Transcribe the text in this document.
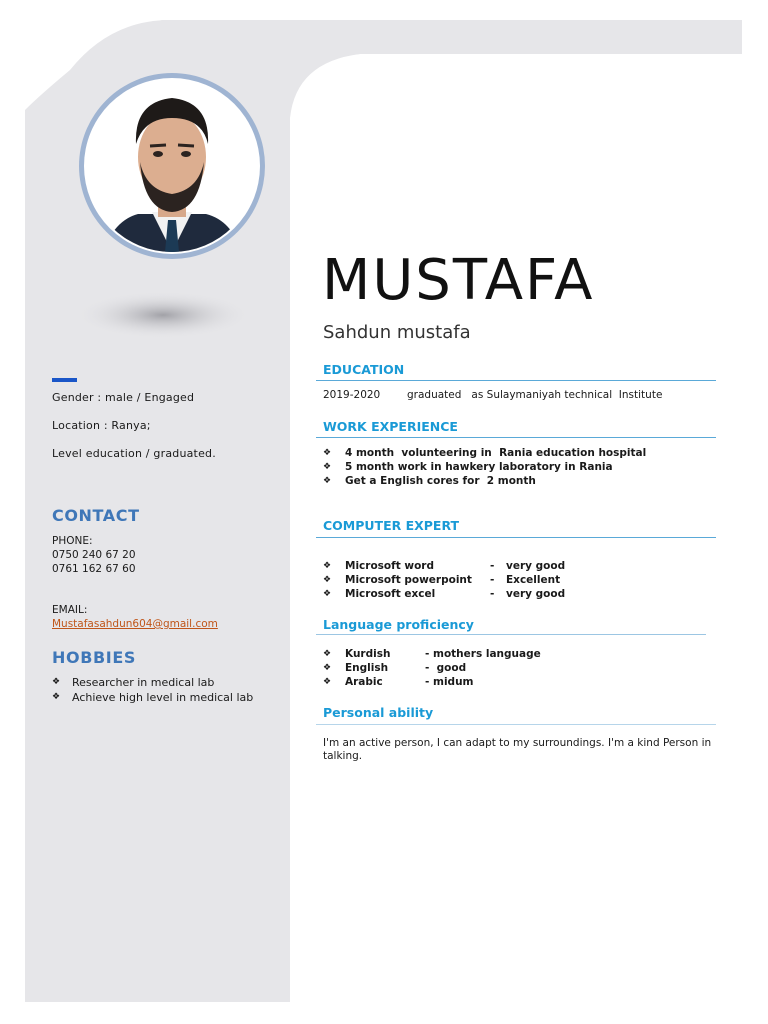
Gender : male / Engaged
Location : Ranya;
Level education / graduated.
CONTACT
PHONE:
0750 240 67 20
0761 162 67 60
EMAIL:
Mustafasahdun604@gmail.com
HOBBIES
❖	Researcher in medical lab
❖	Achieve high level in medical lab
MUSTAFA
Sahdun mustafa
EDUCATION
2019-2020	graduated   as Sulaymaniyah technical  Institute
WORK EXPERIENCE
❖	4 month  volunteering in  Rania education hospital
❖	5 month work in hawkery laboratory in Rania
❖	Get a English cores for  2 month
COMPUTER EXPERT
❖	Microsoft word	-	very good
❖	Microsoft powerpoint	-	Excellent
❖	Microsoft excel	-	very good
Language proficiency
❖	Kurdish	- mothers language
❖	English	-  good
❖	Arabic	- midum
Personal ability
I'm an active person, I can adapt to my surroundings. I'm a kind Person in talking.
